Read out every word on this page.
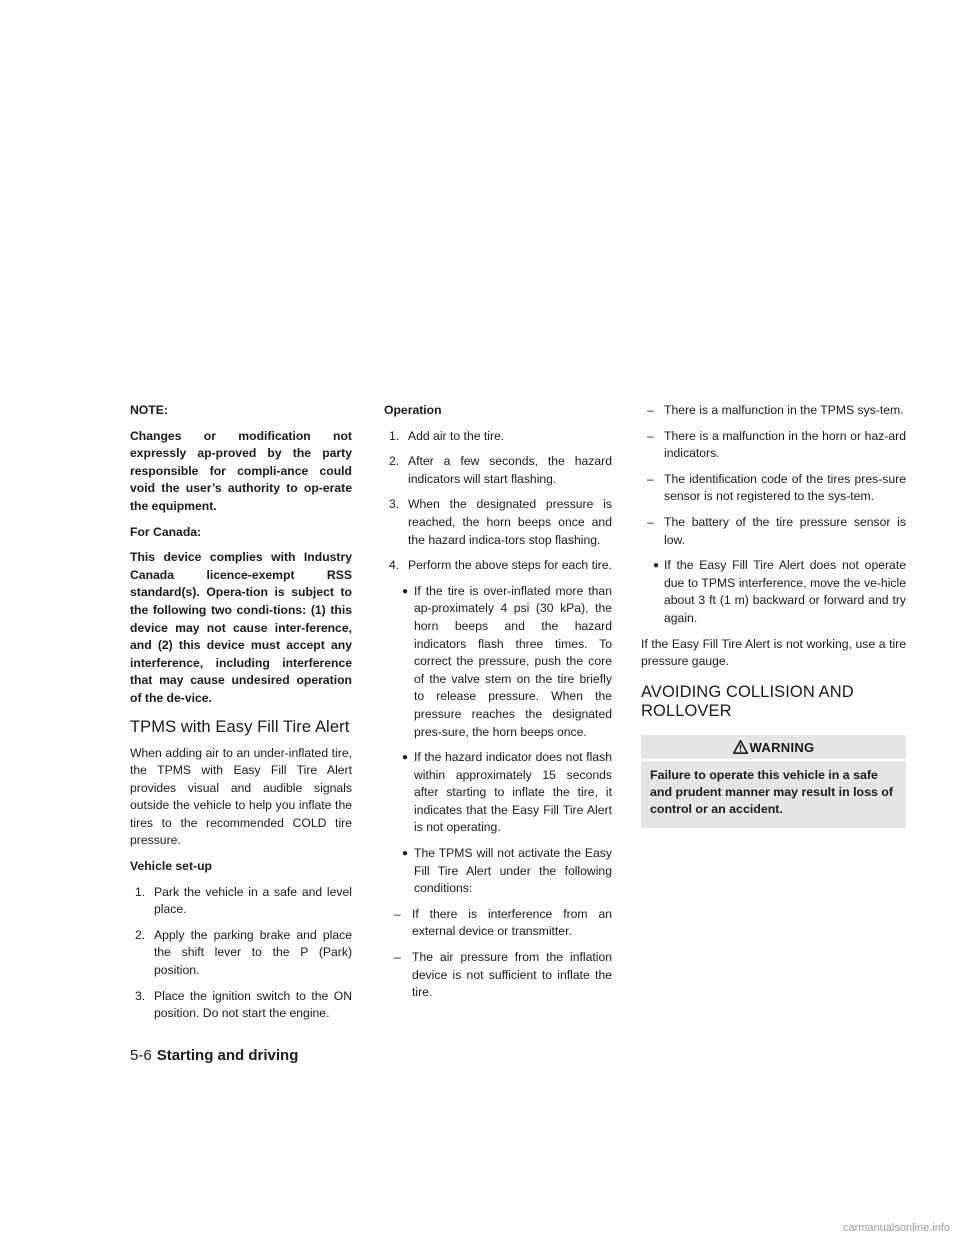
NOTE:

Changes or modification not expressly ap-proved by the party responsible for compli-ance could void the user’s authority to op-erate the equipment.

For Canada:

This device complies with Industry Canada licence-exempt RSS standard(s). Opera-tion is subject to the following two condi-tions: (1) this device may not cause inter-ference, and (2) this device must accept any interference, including interference that may cause undesired operation of the de-vice.

TPMS with Easy Fill Tire Alert

When adding air to an under-inflated tire, the TPMS with Easy Fill Tire Alert provides visual and audible signals outside the vehicle to help you inflate the tires to the recommended COLD tire pressure.

Vehicle set-up

1. Park the vehicle in a safe and level place.
2. Apply the parking brake and place the shift lever to the P (Park) position.
3. Place the ignition switch to the ON position. Do not start the engine.

Operation

1. Add air to the tire.
2. After a few seconds, the hazard indicators will start flashing.
3. When the designated pressure is reached, the horn beeps once and the hazard indica-tors stop flashing.
4. Perform the above steps for each tire.
● If the tire is over-inflated more than ap-proximately 4 psi (30 kPa), the horn beeps and the hazard indicators flash three times. To correct the pressure, push the core of the valve stem on the tire briefly to release pressure. When the pressure reaches the designated pres-sure, the horn beeps once.
● If the hazard indicator does not flash within approximately 15 seconds after starting to inflate the tire, it indicates that the Easy Fill Tire Alert is not operating.
● The TPMS will not activate the Easy Fill Tire Alert under the following conditions:
– If there is interference from an external device or transmitter.
– The air pressure from the inflation device is not sufficient to inflate the tire.
– There is a malfunction in the TPMS sys-tem.
– There is a malfunction in the horn or haz-ard indicators.
– The identification code of the tires pres-sure sensor is not registered to the sys-tem.
– The battery of the tire pressure sensor is low.
● If the Easy Fill Tire Alert does not operate due to TPMS interference, move the ve-hicle about 3 ft (1 m) backward or forward and try again.

If the Easy Fill Tire Alert is not working, use a tire pressure gauge.

AVOIDING COLLISION AND
ROLLOVER
WARNING
Failure to operate this vehicle in a safe and prudent manner may result in loss of control or an accident.
5-6 Starting and driving
carmanualsonline.info
